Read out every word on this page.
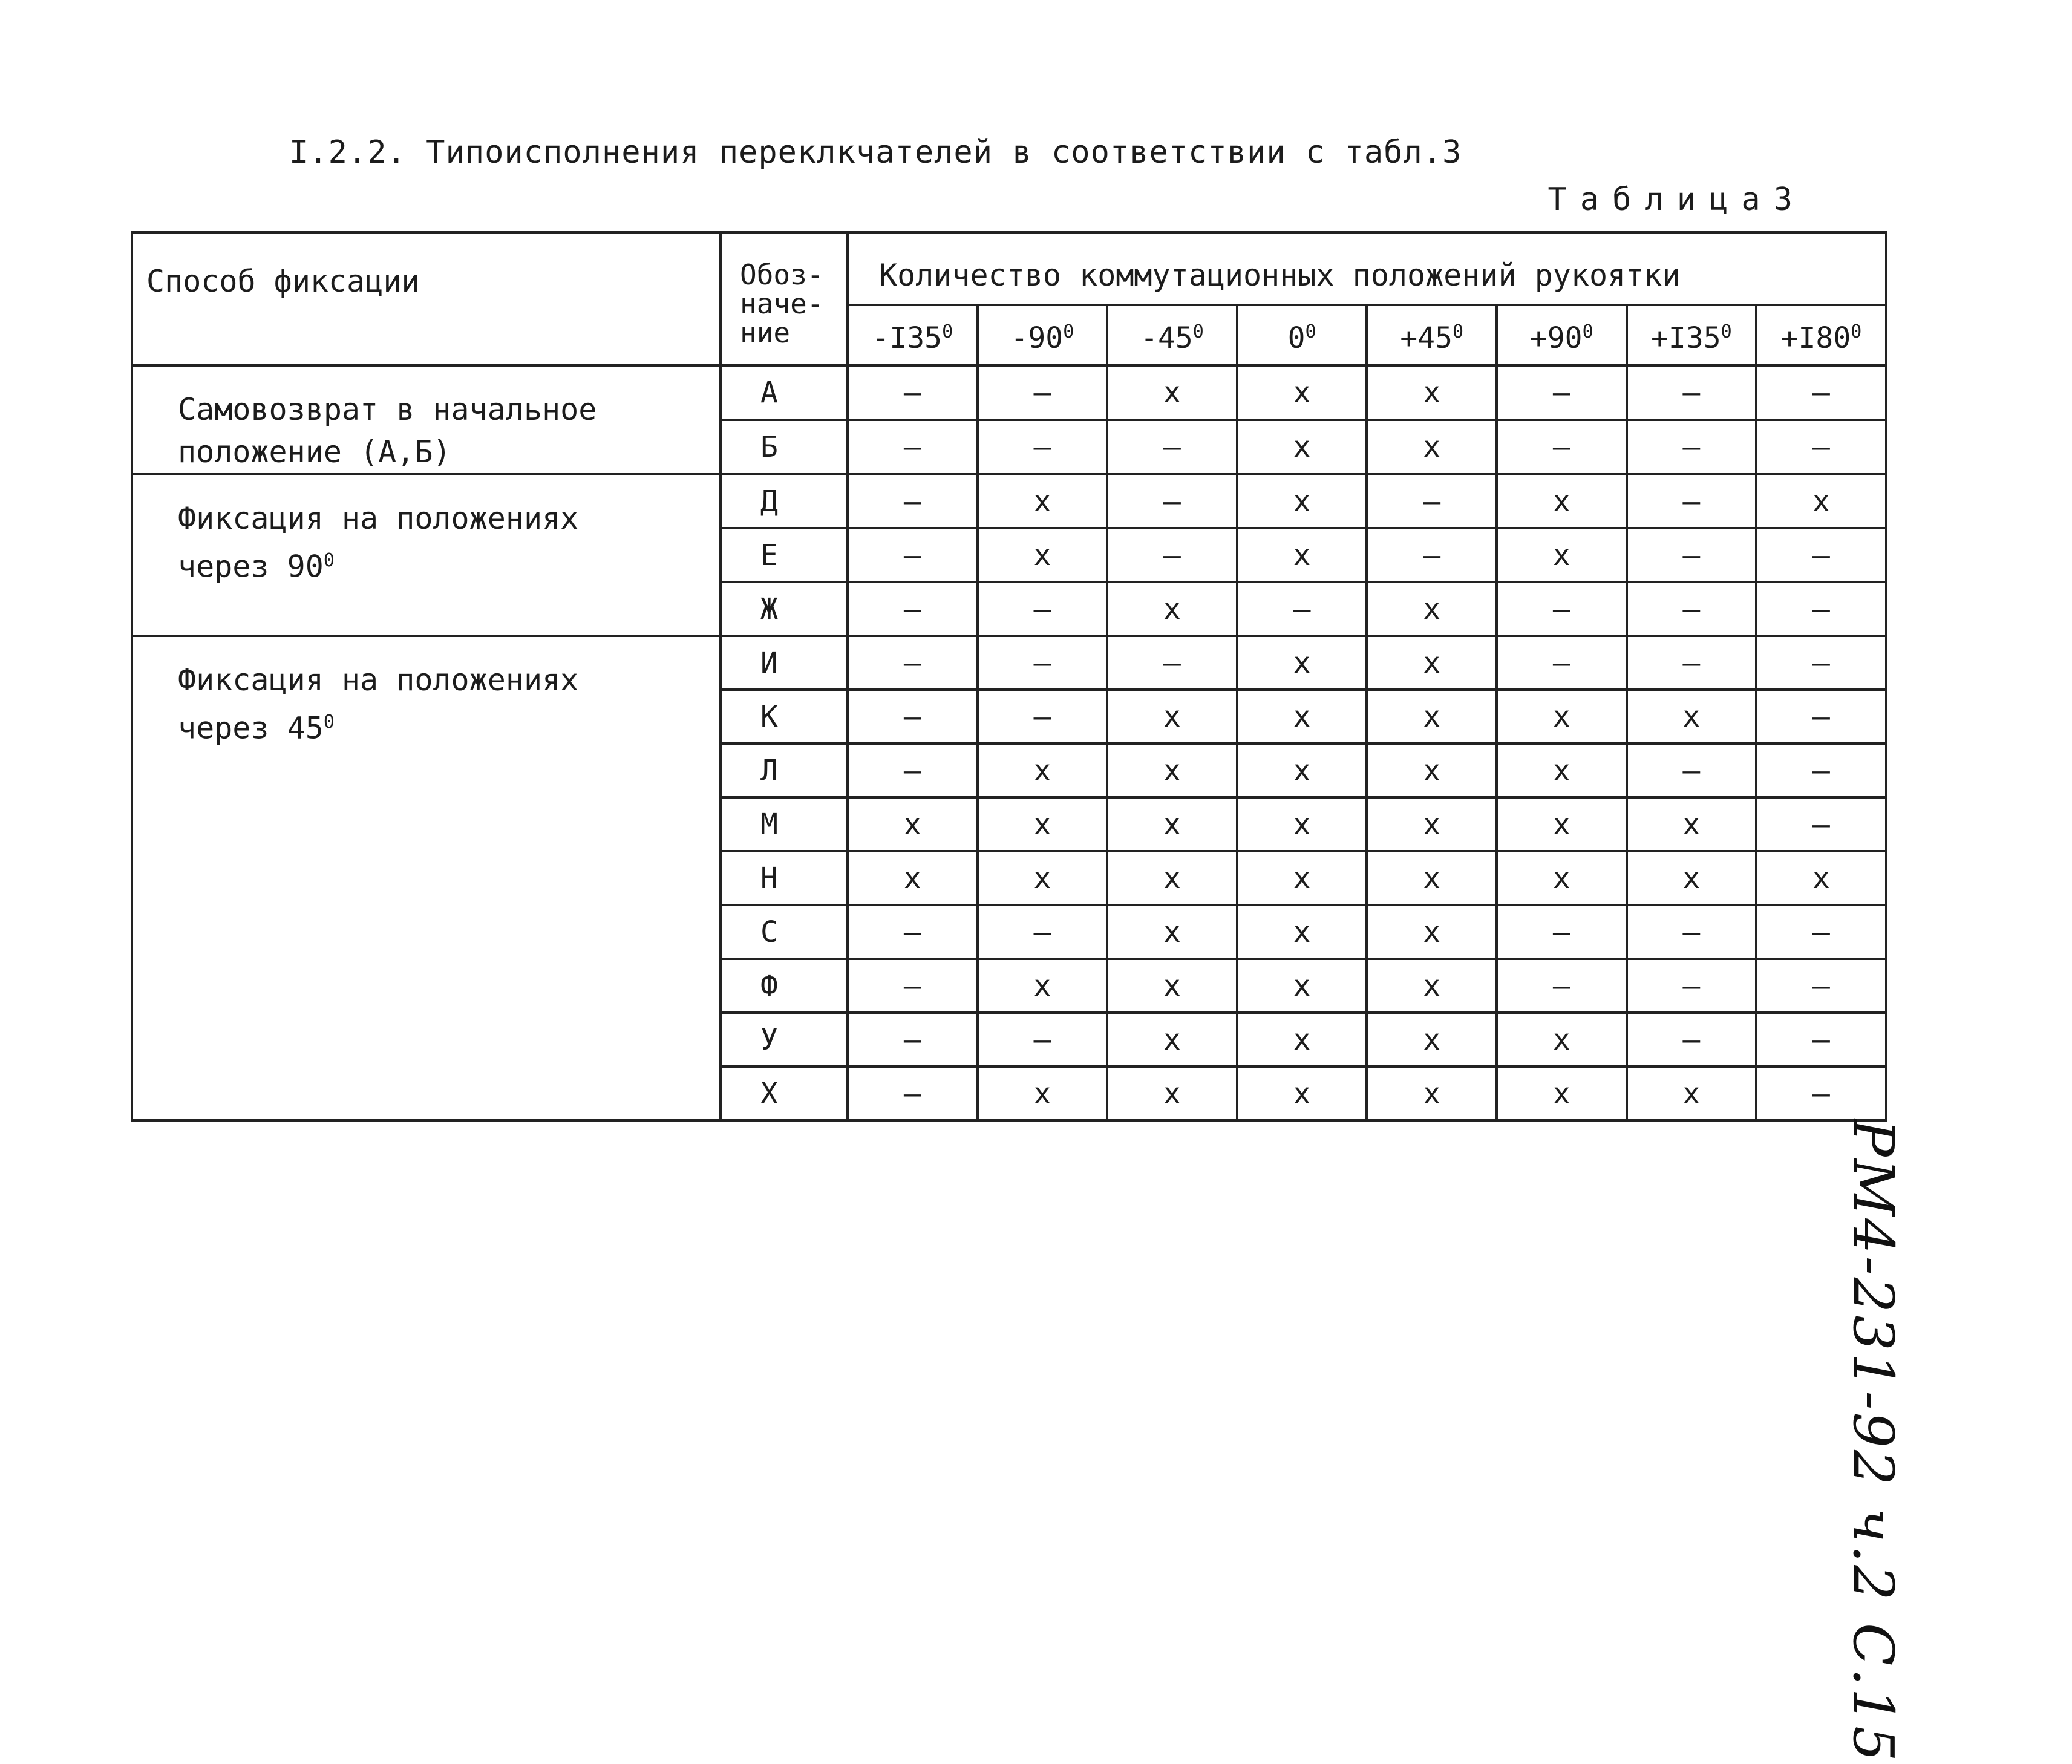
I.2.2. Типоисполнения переклкчателей в соответствии с табл.3
Таблица3
Способ фиксации	Обоз-
наче-
ние	Количество коммутационных положений рукоятки							
		$-I35^0$	$-90^0$	$-45^0$	$0^0$	$+45^0$	$+90^0$	$+I35^0$	$+I80^0$

Самовозврат в начальное
положение (А,Б)	А	–	–	х	х	х	–	–	–
	Б	–	–	–	х	х	–	–	–

Фиксация на положениях
через $90^0$	Д	–	х	–	х	–	х	–	х
	Е	–	х	–	х	–	х	–	–
	Ж	–	–	х	–	х	–	–	–

Фиксация на положениях
через $45^0$	И	–	–	–	х	х	–	–	–
	К	–	–	х	х	х	х	х	–
	Л	–	х	х	х	х	х	–	–
	М	х	х	х	х	х	х	х	–
	Н	х	х	х	х	х	х	х	х
	С	–	–	х	х	х	–	–	–
	Ф	–	х	х	х	х	–	–	–
	У	–	–	х	х	х	х	–	–
	Х	–	х	х	х	х	х	х	–
РМ4-231-92 ч.2 С.15
